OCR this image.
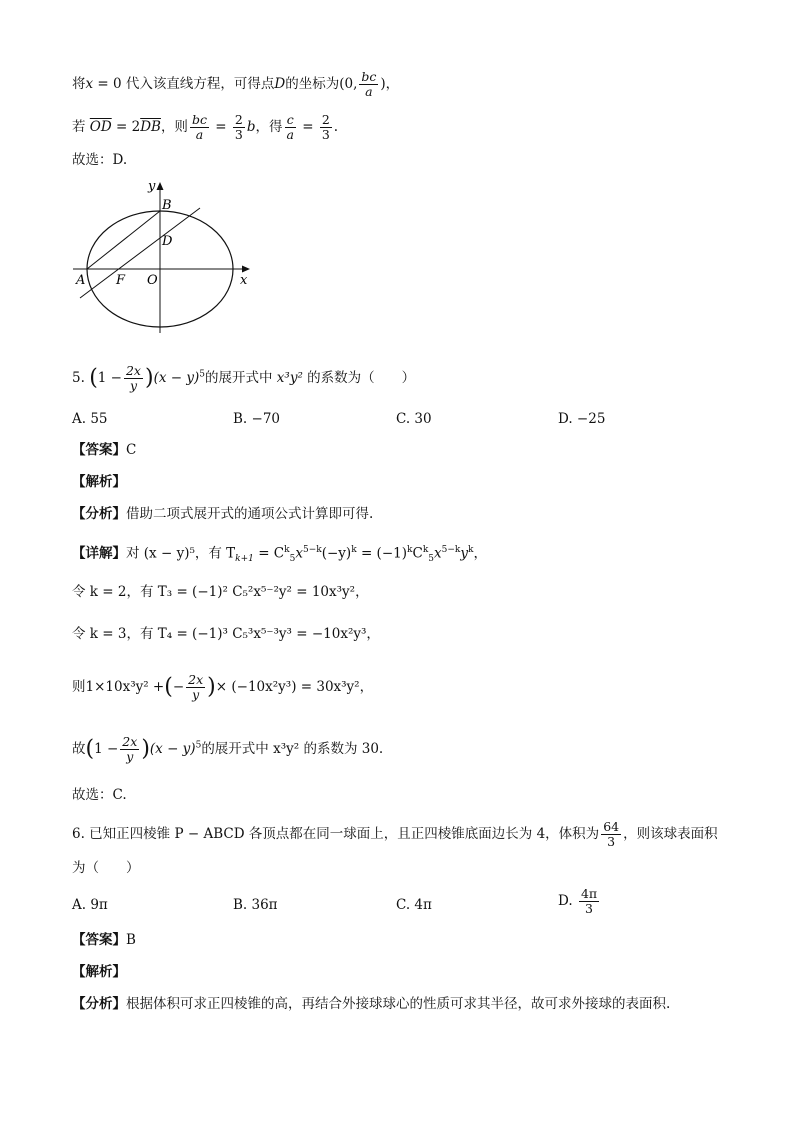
将x = 0 代入该直线方程，可得点D的坐标为(0, $\frac{bc}{a}$ )，
若 $\overline{OD} = 2\overline{DB}$，则 $\frac{bc}{a} = \frac{2}{3}$ b，得 $\frac{c}{a} = \frac{2}{3}$ .
故选：D.
y
x
B
D
A F O
5. $(1 - \frac{2x}{y} )(x - y)^5$的展开式中 x³y² 的系数为（　　）
A. 55	B. −70	C. 30	D. −25
【答案】C
【解析】
【分析】借助二项式展开式的通项公式计算即可得.
【详解】对 (x − y)⁵，有 $T_{k+1} = C^k_5x^{5-k}(-y)^k = (-1)^kC^k_5x^{5-k}y^k$，
令 k = 2，有 T₃ = (−1)² C₅²x⁵⁻²y² = 10x³y²，
令 k = 3，有 T₄ = (−1)³ C₅³x⁵⁻³y³ = −10x²y³，
则1×10x³y² +(− $\frac{2x}{y}$ )× (−10x²y³) = 30x³y²，
故$(1 - \frac{2x}{y} )(x - y)^5$的展开式中 x³y² 的系数为 30.
故选：C.
6. 已知正四棱锥 P − ABCD 各顶点都在同一球面上，且正四棱锥底面边长为 4，体积为 $\frac{64}{3}$ ，则该球表面积
为（　　）
A. 9π	B. 36π	C. 4π	D. $\frac{4\pi}{3}$
【答案】B
【解析】
【分析】根据体积可求正四棱锥的高，再结合外接球球心的性质可求其半径，故可求外接球的表面积.
